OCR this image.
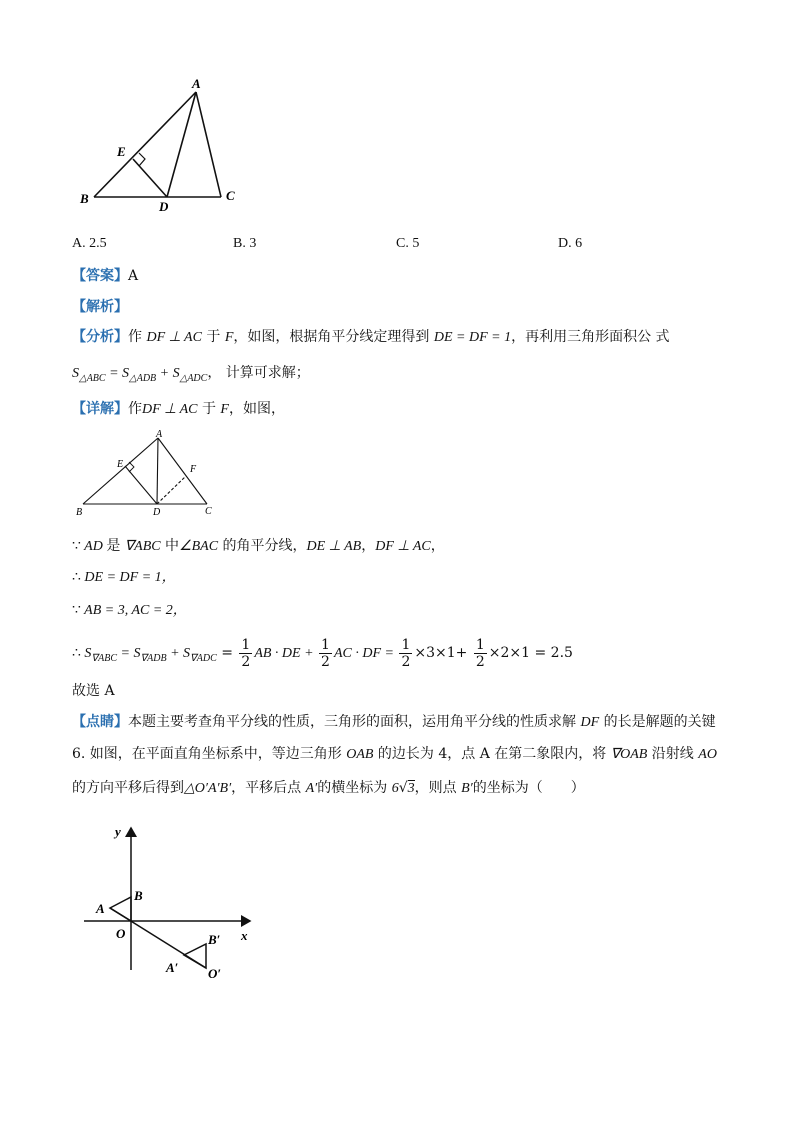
A
B	C
D
E
A. 2.5	B. 3	C. 5	D. 6
【答案】A
【解析】
【分析】作 DF ⊥ AC 于 F，如图，根据角平分线定理得到 DE = DF = 1，再利用三角形面积公 式
$S_{\triangle ABC} = S_{\triangle ADB} + S_{\triangle ADC}$， 计算可求解；
【详解】作DF ⊥ AC 于 F，如图，
A
B	C
D
E	F
∵ AD 是 ∇ABC 中∠BAC 的角平分线，DE ⊥ AB，DF ⊥ AC，
∴ DE = DF = 1，
∵ AB = 3, AC = 2，
∴ $S_{\nabla ABC} = S_{\nabla ADB} + S_{\nabla ADC} = \frac{1}{2}$ AB · DE + $\frac{1}{2}$ AC · DF = $\frac{1}{2} \times 3\times 1+ \frac{1}{2} \times 2\times 1 = 2.5$
故选 A
【点睛】本题主要考查角平分线的性质，三角形的面积，运用角平分线的性质求解 DF 的长是解题的关键
6. 如图，在平面直角坐标系中，等边三角形 OAB 的边长为 4，点 A 在第二象限内，将 ∇OAB 沿射线 AO
的方向平移后得到△O′A′B′，平移后点 A′的横坐标为 6√3，则点 B′的坐标为（　　）
y
x
O
A
B
A′
B′
O′
